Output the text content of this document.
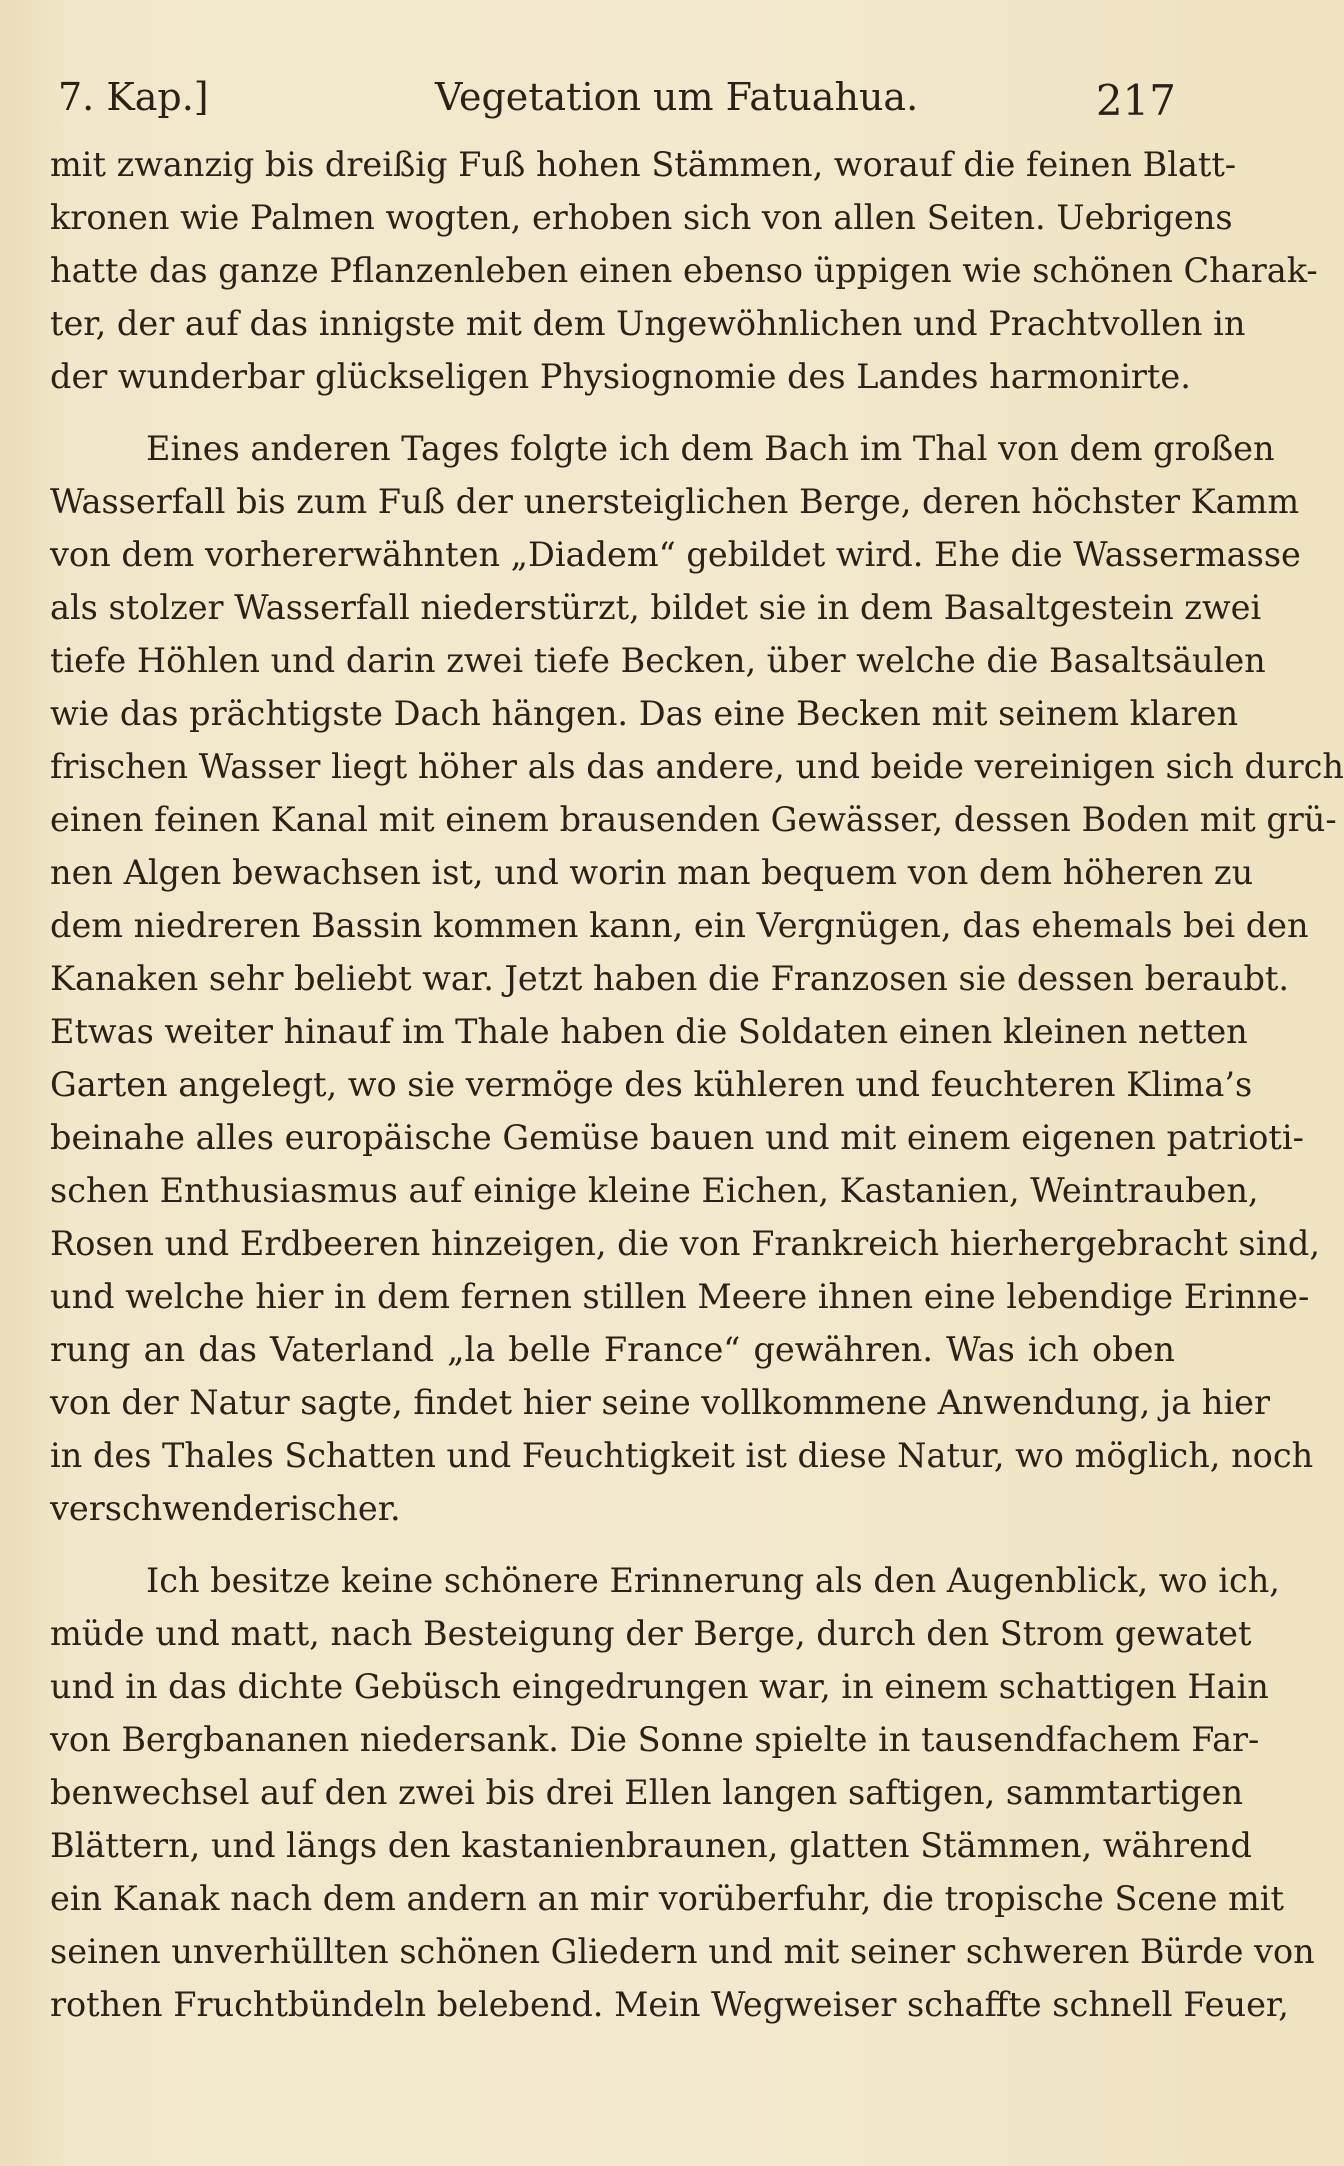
7. Kap.]	Vegetation um Fatuahua.	217
mit zwanzig bis dreißig Fuß hohen Stämmen, worauf die feinen Blatt-
kronen wie Palmen wogten, erhoben sich von allen Seiten. Uebrigens
hatte das ganze Pflanzenleben einen ebenso üppigen wie schönen Charak-
ter, der auf das innigste mit dem Ungewöhnlichen und Prachtvollen in
der wunderbar glückseligen Physiognomie des Landes harmonirte.
Eines anderen Tages folgte ich dem Bach im Thal von dem großen
Wasserfall bis zum Fuß der unersteiglichen Berge, deren höchster Kamm
von dem vorhererwähnten „Diadem“ gebildet wird. Ehe die Wassermasse
als stolzer Wasserfall niederstürzt, bildet sie in dem Basaltgestein zwei
tiefe Höhlen und darin zwei tiefe Becken, über welche die Basaltsäulen
wie das prächtigste Dach hängen. Das eine Becken mit seinem klaren
frischen Wasser liegt höher als das andere, und beide vereinigen sich durch
einen feinen Kanal mit einem brausenden Gewässer, dessen Boden mit grü-
nen Algen bewachsen ist, und worin man bequem von dem höheren zu
dem niedreren Bassin kommen kann, ein Vergnügen, das ehemals bei den
Kanaken sehr beliebt war. Jetzt haben die Franzosen sie dessen beraubt.
Etwas weiter hinauf im Thale haben die Soldaten einen kleinen netten
Garten angelegt, wo sie vermöge des kühleren und feuchteren Klima’s
beinahe alles europäische Gemüse bauen und mit einem eigenen patrioti-
schen Enthusiasmus auf einige kleine Eichen, Kastanien, Weintrauben,
Rosen und Erdbeeren hinzeigen, die von Frankreich hierhergebracht sind,
und welche hier in dem fernen stillen Meere ihnen eine lebendige Erinne-
rung an das Vaterland „la belle France“ gewähren. Was ich oben
von der Natur sagte, findet hier seine vollkommene Anwendung, ja hier
in des Thales Schatten und Feuchtigkeit ist diese Natur, wo möglich, noch
verschwenderischer.
Ich besitze keine schönere Erinnerung als den Augenblick, wo ich,
müde und matt, nach Besteigung der Berge, durch den Strom gewatet
und in das dichte Gebüsch eingedrungen war, in einem schattigen Hain
von Bergbananen niedersank. Die Sonne spielte in tausendfachem Far-
benwechsel auf den zwei bis drei Ellen langen saftigen, sammtartigen
Blättern, und längs den kastanienbraunen, glatten Stämmen, während
ein Kanak nach dem andern an mir vorüberfuhr, die tropische Scene mit
seinen unverhüllten schönen Gliedern und mit seiner schweren Bürde von
rothen Fruchtbündeln belebend. Mein Wegweiser schaffte schnell Feuer,
